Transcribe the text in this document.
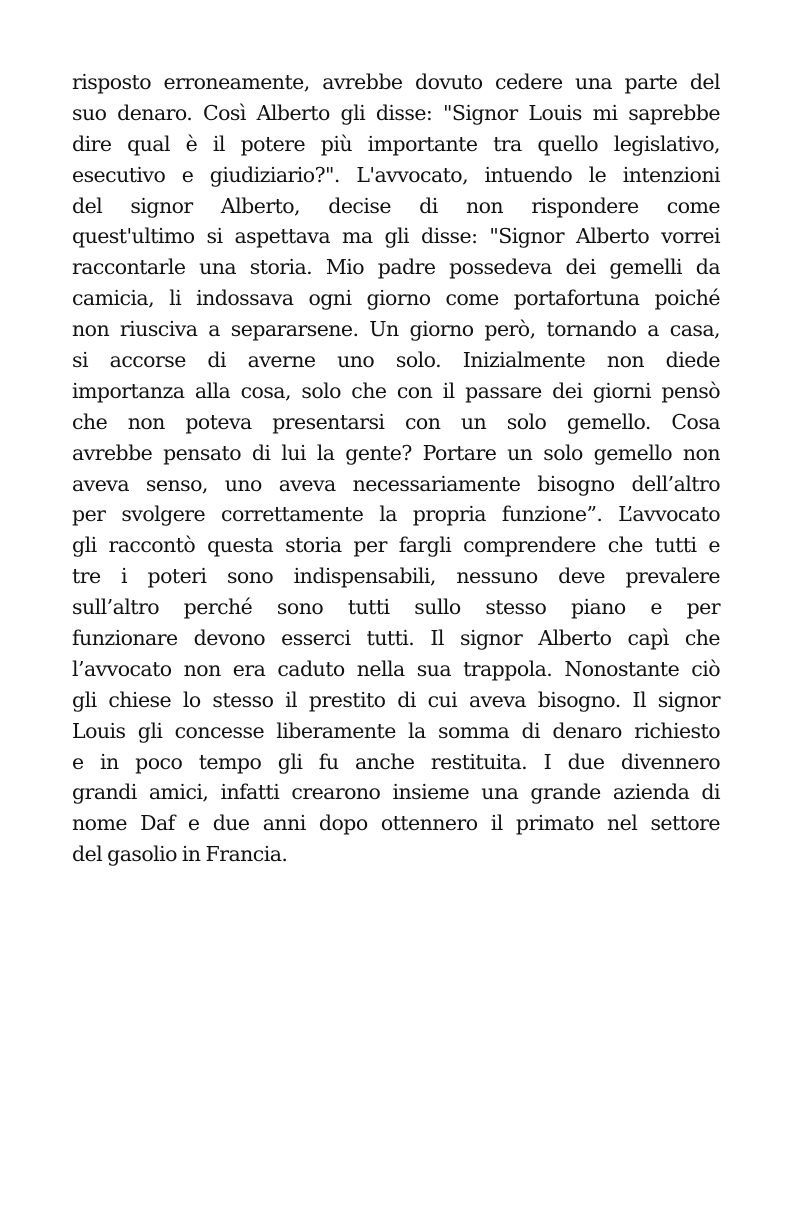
risposto erroneamente, avrebbe dovuto cedere una parte del
suo denaro. Così Alberto gli disse: "Signor Louis mi saprebbe
dire qual è il potere più importante tra quello legislativo,
esecutivo e giudiziario?". L'avvocato, intuendo le intenzioni
del signor Alberto, decise di non rispondere come
quest'ultimo si aspettava ma gli disse: "Signor Alberto vorrei
raccontarle una storia. Mio padre possedeva dei gemelli da
camicia, li indossava ogni giorno come portafortuna poiché
non riusciva a separarsene. Un giorno però, tornando a casa,
si accorse di averne uno solo. Inizialmente non diede
importanza alla cosa, solo che con il passare dei giorni pensò
che non poteva presentarsi con un solo gemello. Cosa
avrebbe pensato di lui la gente? Portare un solo gemello non
aveva senso, uno aveva necessariamente bisogno dell’altro
per svolgere correttamente la propria funzione”. L’avvocato
gli raccontò questa storia per fargli comprendere che tutti e
tre i poteri sono indispensabili, nessuno deve prevalere
sull’altro perché sono tutti sullo stesso piano e per
funzionare devono esserci tutti. Il signor Alberto capì che
l’avvocato non era caduto nella sua trappola. Nonostante ciò
gli chiese lo stesso il prestito di cui aveva bisogno. Il signor
Louis gli concesse liberamente la somma di denaro richiesto
e in poco tempo gli fu anche restituita. I due divennero
grandi amici, infatti crearono insieme una grande azienda di
nome Daf e due anni dopo ottennero il primato nel settore
del gasolio in Francia.
